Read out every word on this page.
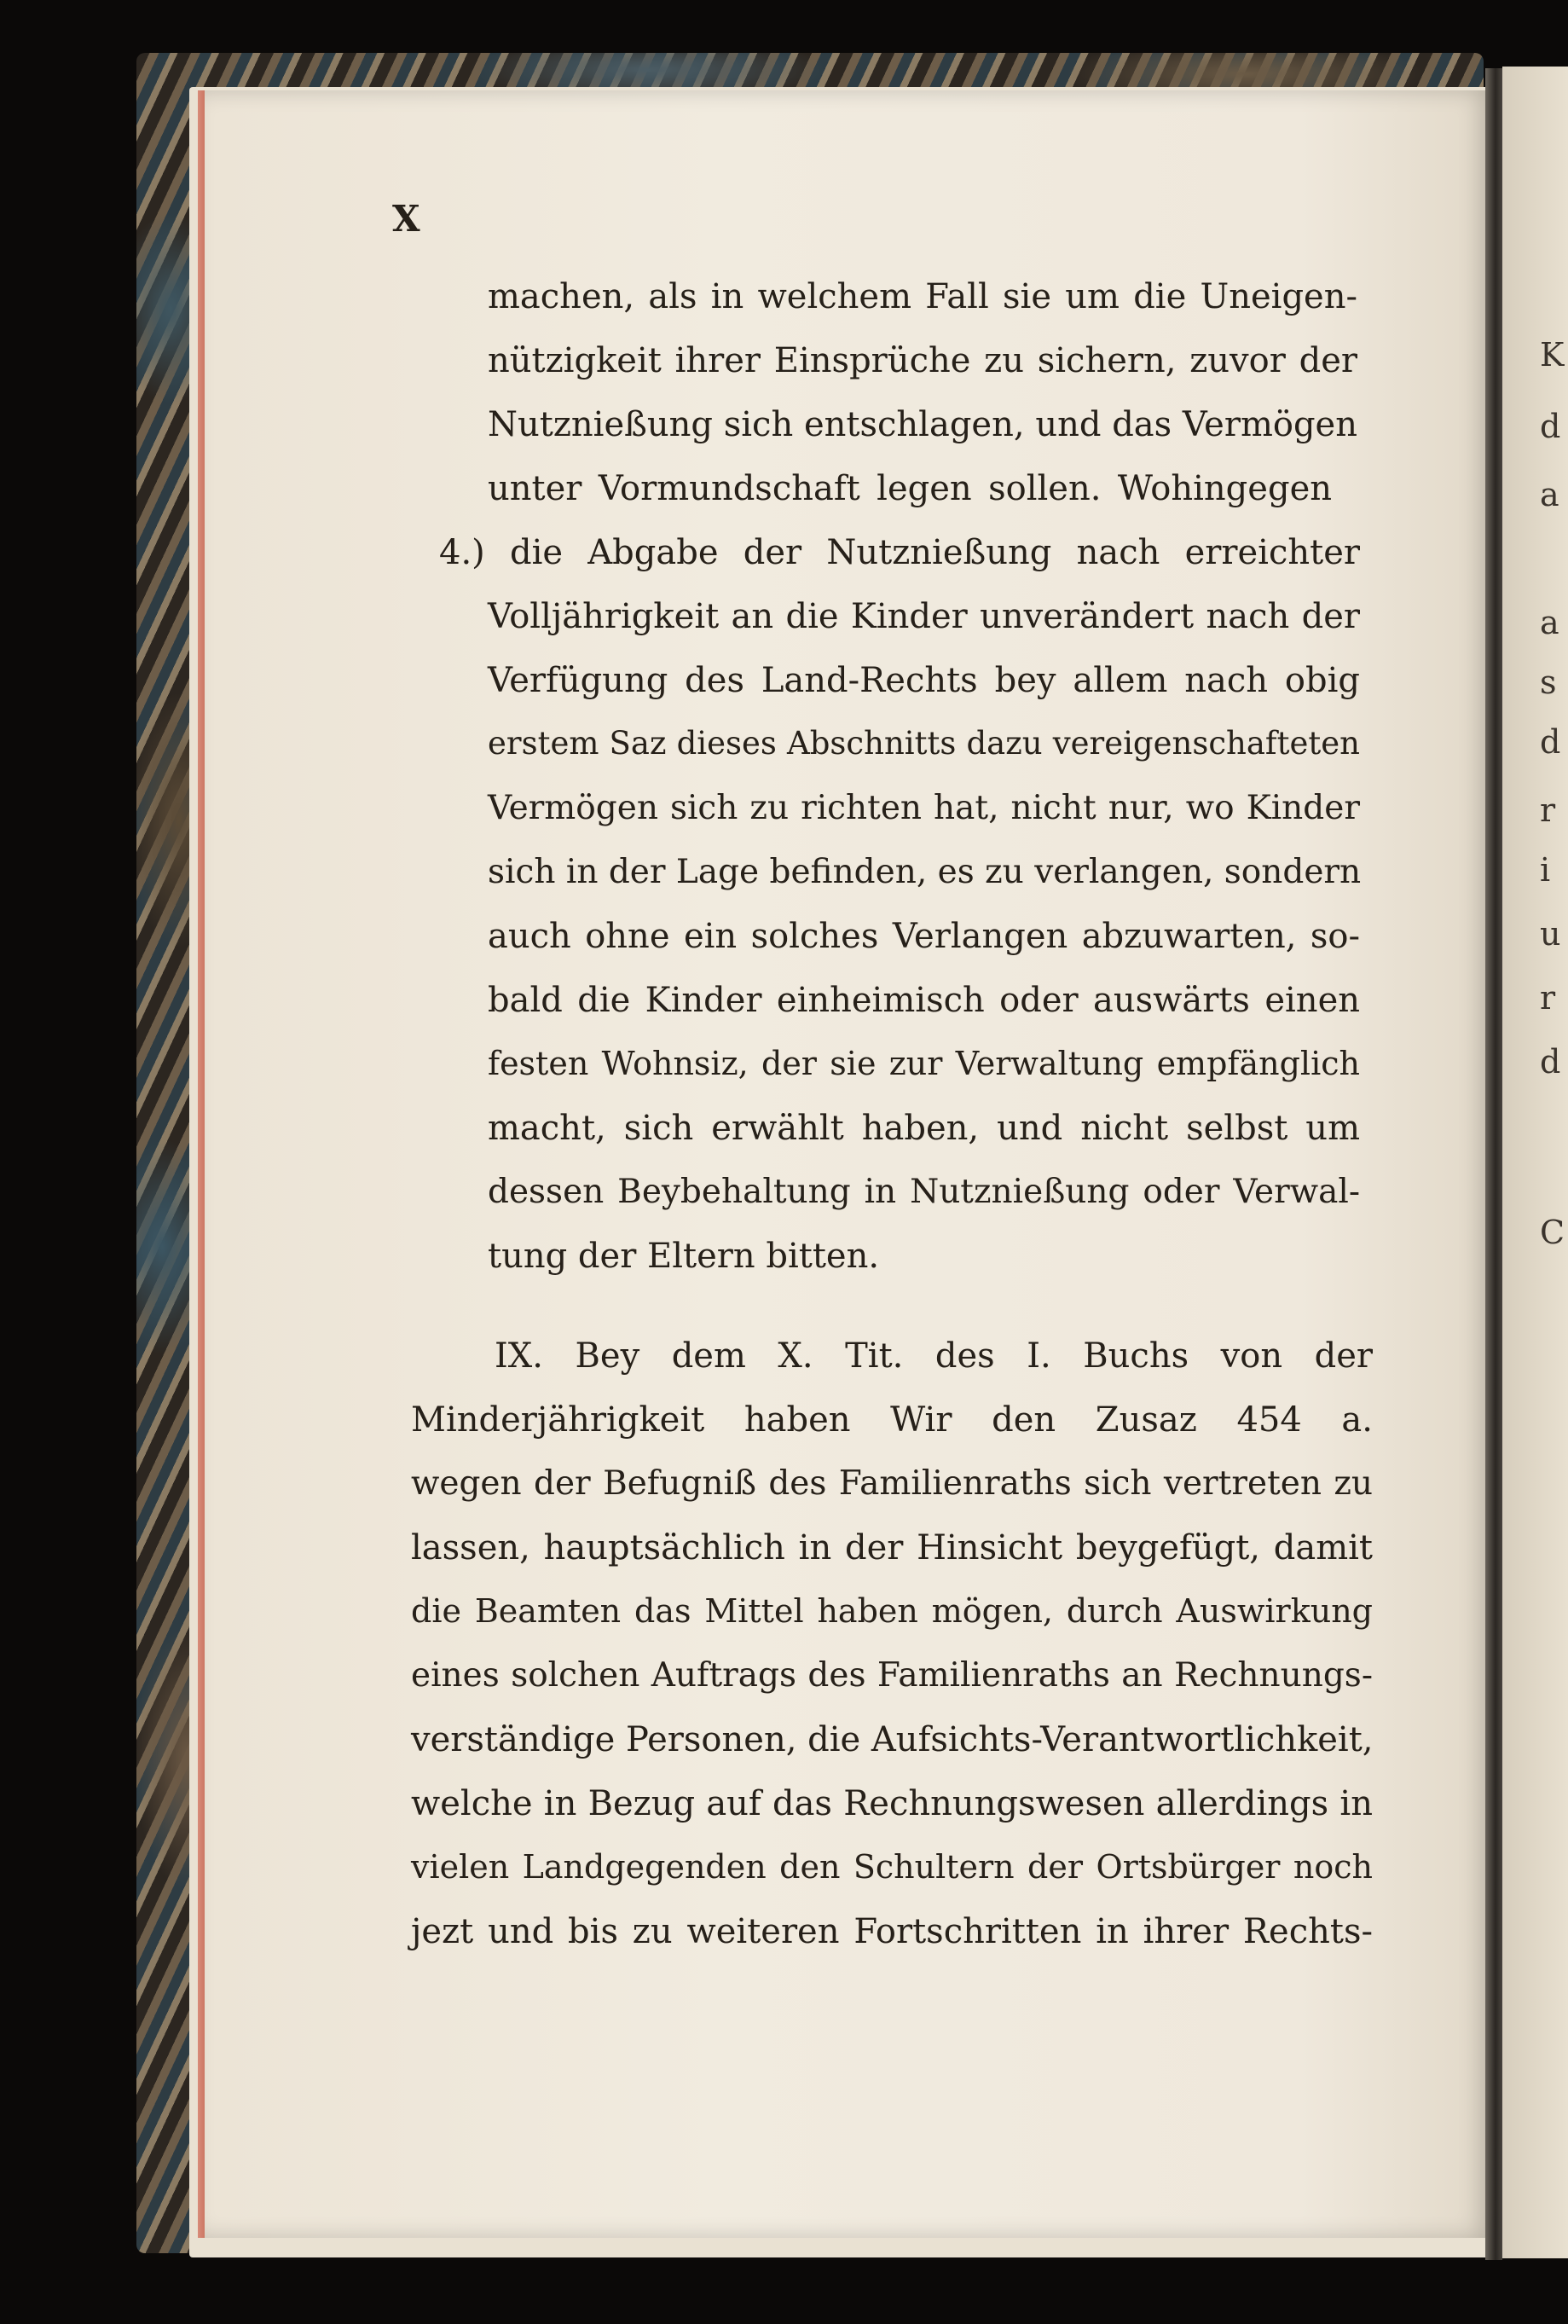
K
d
a
a
s
d
r
i
u
r
d
C
X
machen, als in welchem Fall sie um die Uneigen-
nützigkeit ihrer Einsprüche zu sichern, zuvor der
Nutznießung sich entschlagen, und das Vermögen
unter Vormundschaft legen sollen. Wohingegen
4.) die Abgabe der Nutznießung nach erreichter
Volljährigkeit an die Kinder unverändert nach der
Verfügung des Land-Rechts bey allem nach obig
erstem Saz dieses Abschnitts dazu vereigenschafteten
Vermögen sich zu richten hat, nicht nur, wo Kinder
sich in der Lage befinden, es zu verlangen, sondern
auch ohne ein solches Verlangen abzuwarten, so-
bald die Kinder einheimisch oder auswärts einen
festen Wohnsiz, der sie zur Verwaltung empfänglich
macht, sich erwählt haben, und nicht selbst um
dessen Beybehaltung in Nutznießung oder Verwal-
tung der Eltern bitten.
IX. Bey dem X. Tit. des I. Buchs von der
Minderjährigkeit haben Wir den Zusaz 454 a.
wegen der Befugniß des Familienraths sich vertreten zu
lassen, hauptsächlich in der Hinsicht beygefügt, damit
die Beamten das Mittel haben mögen, durch Auswirkung
eines solchen Auftrags des Familienraths an Rechnungs-
verständige Personen, die Aufsichts-Verantwortlichkeit,
welche in Bezug auf das Rechnungswesen allerdings in
vielen Landgegenden den Schultern der Ortsbürger noch
jezt und bis zu weiteren Fortschritten in ihrer Rechts-
